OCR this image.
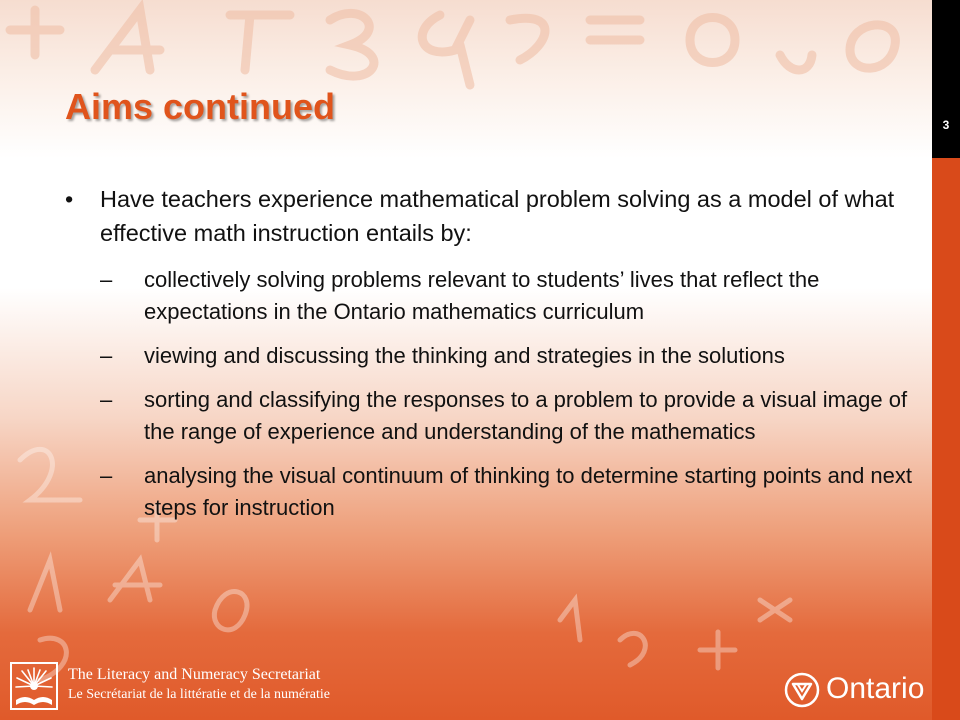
3
Aims continued
•	Have teachers experience mathematical problem solving as a model of what effective math instruction entails by:
–	collectively solving problems relevant to students’ lives that reflect the expectations in the Ontario mathematics curriculum
–	viewing and discussing the thinking and strategies in the solutions
–	sorting and classifying the responses to a problem to provide a visual image of the range of experience and understanding of the mathematics
–	analysing the visual continuum of thinking to determine starting points and next steps for instruction
The Literacy and Numeracy Secretariat
Le Secrétariat de la littératie et de la numératie	Ontario
